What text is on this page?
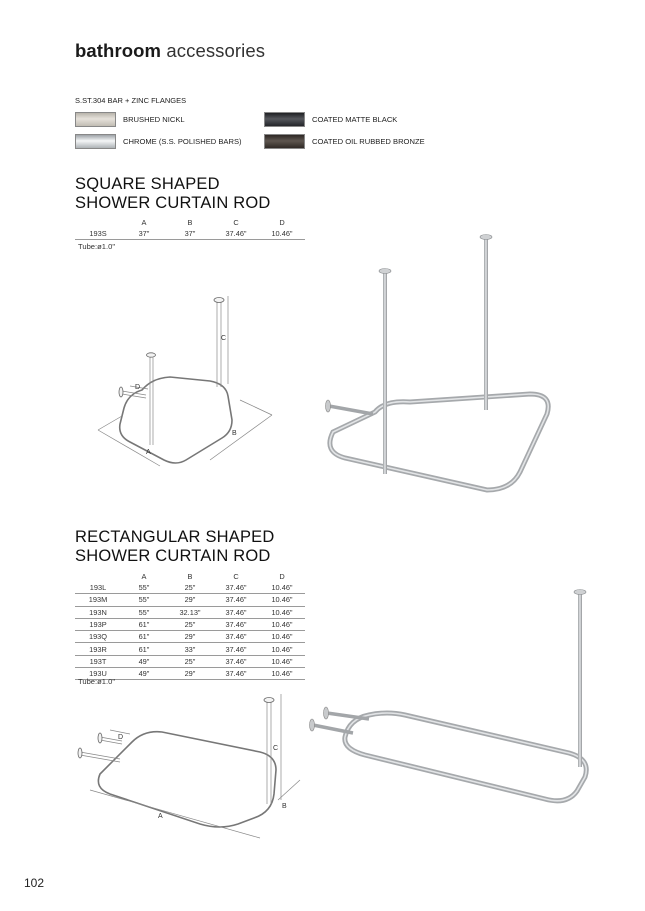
bathroom accessories
S.ST.304 BAR + ZINC FLANGES
BRUSHED NICKL
CHROME (S.S. POLISHED BARS)
COATED MATTE BLACK
COATED OIL RUBBED BRONZE
SQUARE SHAPED
SHOWER CURTAIN ROD
	A	B	C	D
193S	37"	37"	37.46"	10.46"
Tube:ø1.0"
C
D
B
A
RECTANGULAR SHAPED
SHOWER CURTAIN ROD
	A	B	C	D
193L	55"	25"	37.46"	10.46"
193M	55"	29"	37.46"	10.46"
193N	55"	32.13"	37.46"	10.46"
193P	61"	25"	37.46"	10.46"
193Q	61"	29"	37.46"	10.46"
193R	61"	33"	37.46"	10.46"
193T	49"	25"	37.46"	10.46"
193U	49"	29"	37.46"	10.46"
Tube:ø1.0"
C
D
B
A
102
